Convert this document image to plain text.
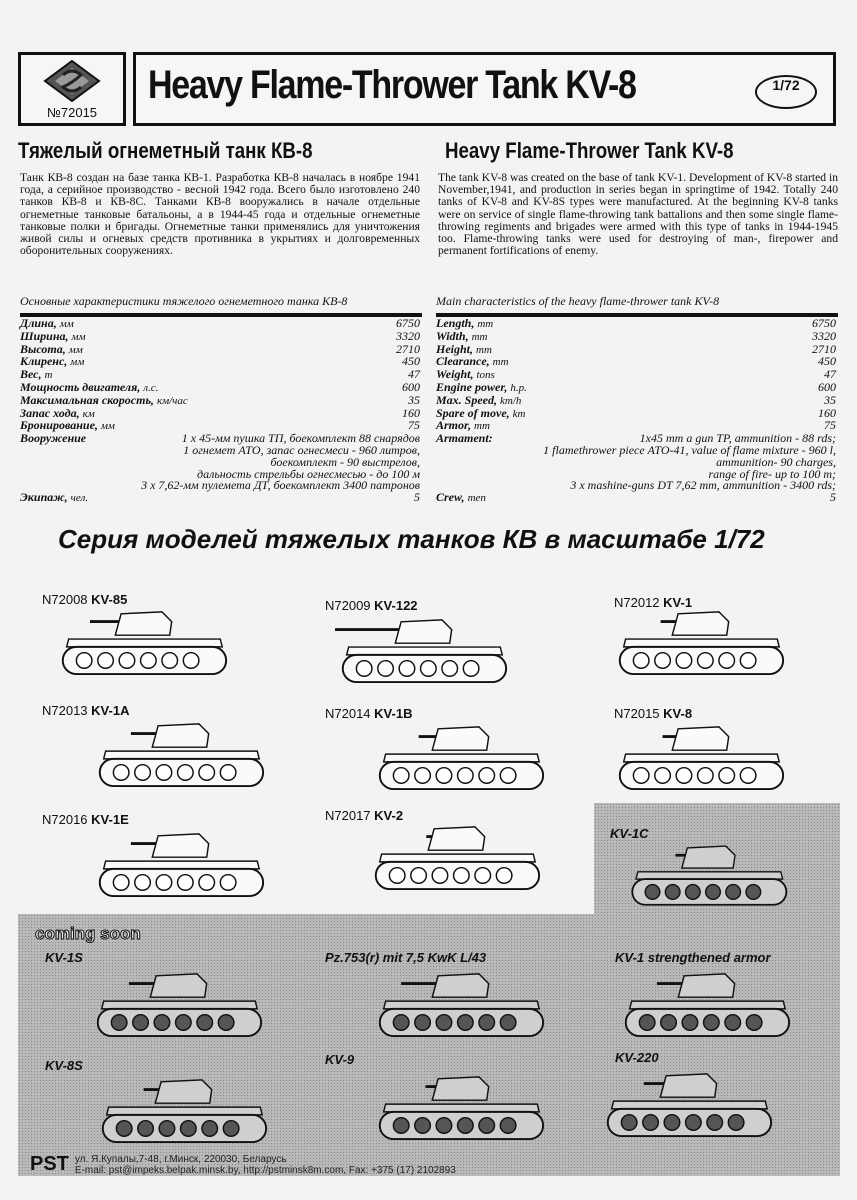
№72015
Heavy Flame-Thrower Tank KV-8	1/72
Тяжелый огнеметный танк КВ-8	Heavy Flame-Thrower Tank KV-8
Танк КВ-8 создан на базе танка КВ-1. Разработка КВ-8 началась в ноябре 1941 года, а серийное производство - весной 1942 года. Всего было изготовлено 240 танков КВ-8 и КВ-8С. Танками КВ-8 вооружались в начале отдельные огнеметные танковые батальоны, а в 1944-45 года и отдельные огнеметные танковые полки и бригады. Огнеметные танки применялись для уничтожения живой силы и огневых средств противника в укрытиях и долговременных оборонительных сооружениях.
The tank KV-8 was created on the base of tank KV-1. Development of KV-8 started in November,1941, and production in series began in springtime of 1942. Totally 240 tanks of KV-8 and KV-8S types were manufactured. At the beginning KV-8 tanks were on service of single flame-throwing tank battalions and then some single flame-throwing regiments and brigades were armed with this type of tanks in 1944-1945 too. Flame-throwing tanks were used for destroying of man-, firepower and permanent fortifications of enemy.
Основные характеристики тяжелого огнеметного танка КВ-8	Main characteristics of the heavy flame-thrower tank KV-8
Длина, мм	6750
Ширина, мм	3320
Высота, мм	2710
Клиренс, мм	450
Вес, т	47
Мощность двигателя, л.с.	600
Максимальная скорость, км/час	35
Запас хода, км	160
Бронирование, мм	75
Вооружение	1 х 45-мм пушка ТП, боекомплект 88 снарядов
1 огнемет АТО, запас огнесмеси - 960 литров,
боекомплект - 90 выстрелов,
дальность стрельбы огнесмесью - до 100 м
3 х 7,62-мм пулемета ДТ, боекомплект 3400 патронов
Экипаж, чел.	5
Length, mm	6750
Width, mm	3320
Height, mm	2710
Clearance, mm	450
Weight, tons	47
Engine power, h.p.	600
Max. Speed, km/h	35
Spare of move, km	160
Armor, mm	75
Armament:	1x45 mm a gun TP, ammunition - 88 rds;
1 flamethrower piece ATO-41, value of flame mixture - 960 l,
ammunition- 90 charges,
range of fire- up to 100 m;
3 x mashine-guns DT 7,62 mm, ammunition - 3400 rds;
Crew, men	5
Серия моделей тяжелых танков КВ в масштабе 1/72
coming soon
N72008 KV-85	N72009 KV-122	N72012 KV-1
N72013 KV-1A	N72014 KV-1B	N72015 KV-8
N72016 KV-1E	N72017 KV-2
KV-1C
KV-1S	Pz.753(r) mit 7,5 KwK L/43	KV-1 strengthened armor
KV-8S	KV-9	KV-220
PST ул. Я.Купалы,7-48, г.Минск, 220030, Беларусь
E-mail: pst@impeks.belpak.minsk.by, http://pstminsk8m.com, Fax: +375 (17) 2102893
